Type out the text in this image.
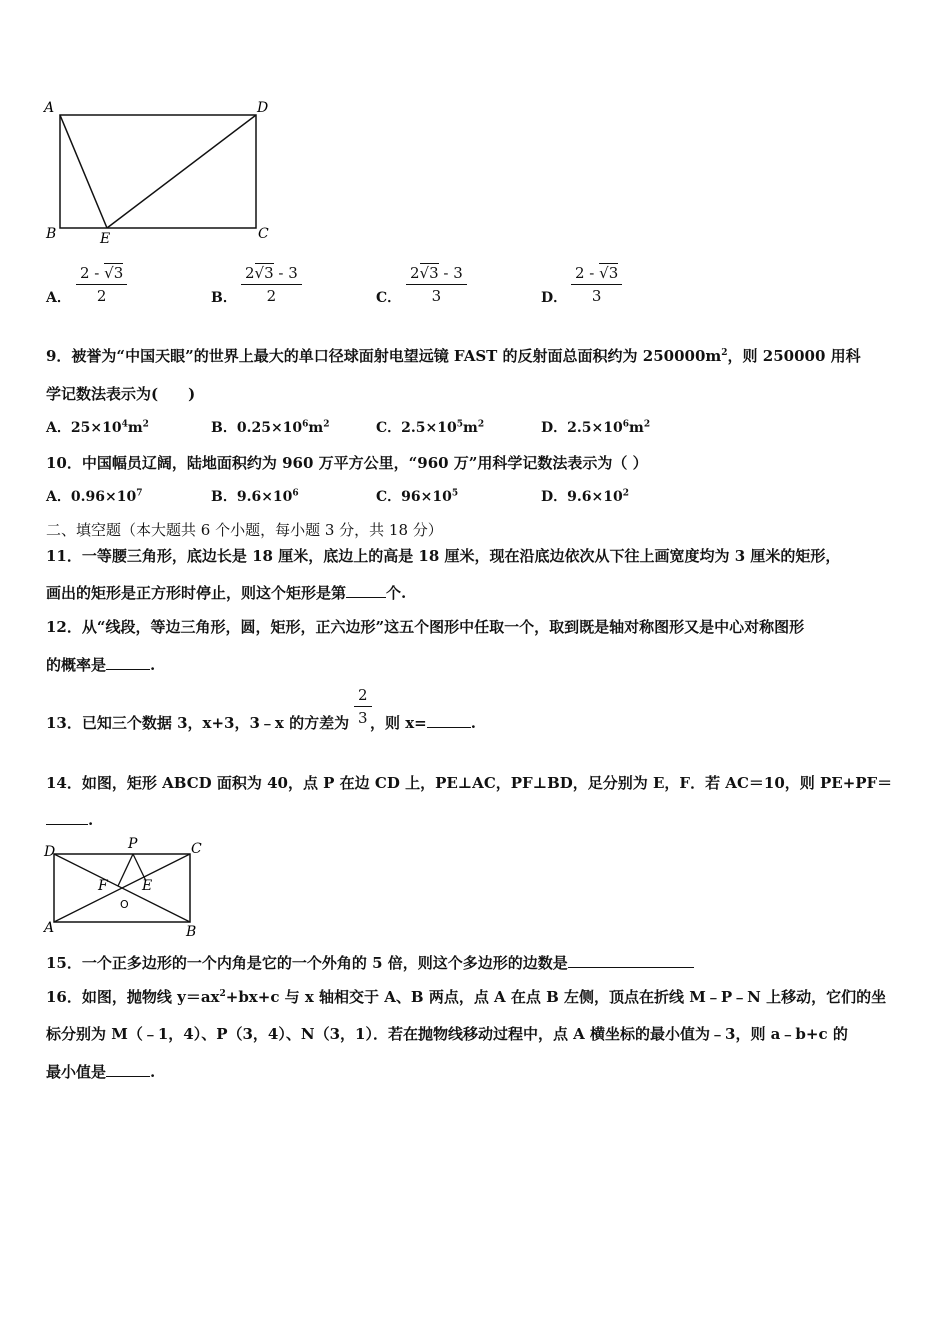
A	D
B	E	C
A． $\frac{2 - √3}{2}$	B． $\frac{2√3 - 3}{2}$	C． $\frac{2√3 - 3}{3}$	D． $\frac{2 - √3}{3}$
9．被誉为“中国天眼”的世界上最大的单口径球面射电望远镜 FAST 的反射面总面积约为 $250000m^2$，则 250000 用科
学记数法表示为(　　)
A．$25\times 10^4m^2$	B．$0.25\times 10^6m^2$	C．$2.5\times 10^5m^2$	D．$2.5\times 10^6m^2$
10．中国幅员辽阔，陆地面积约为 960 万平方公里，“960 万”用科学记数法表示为（ ）
A．$0.96\times 10^7$	B．$9.6\times 10^6$	C．$96\times 10^5$	D．$9.6\times 10^2$
二、填空题（本大题共 6 个小题，每小题 3 分，共 18 分）
11．一等腰三角形，底边长是 18 厘米，底边上的高是 18 厘米，现在沿底边依次从下往上画宽度均为 3 厘米的矩形，
画出的矩形是正方形时停止，则这个矩形是第	个.
12．从“线段，等边三角形，圆，矩形，正六边形”这五个图形中任取一个，取到既是轴对称图形又是中心对称图形
的概率是	.
13．已知三个数据 3，x+3，3﹣x 的方差为 $\frac{2}{3}$
，则 x=	.
14．如图，矩形 ABCD 面积为 40，点 P 在边 CD 上，PE⊥AC，PF⊥BD，足分别为 E，F．若 AC＝10，则 PE+PF＝
.
D	P	C
F E
O
A	B
15．一个正多边形的一个内角是它的一个外角的 5 倍，则这个多边形的边数是
16．如图，抛物线 $y=ax^2+bx+c$ 与 x 轴相交于 A、B 两点，点 A 在点 B 左侧，顶点在折线 M﹣P﹣N 上移动，它们的坐
标分别为 M（﹣1，4）、P（3，4）、N（3，1）．若在抛物线移动过程中，点 A 横坐标的最小值为﹣3，则 a﹣b+c 的
最小值是	.
